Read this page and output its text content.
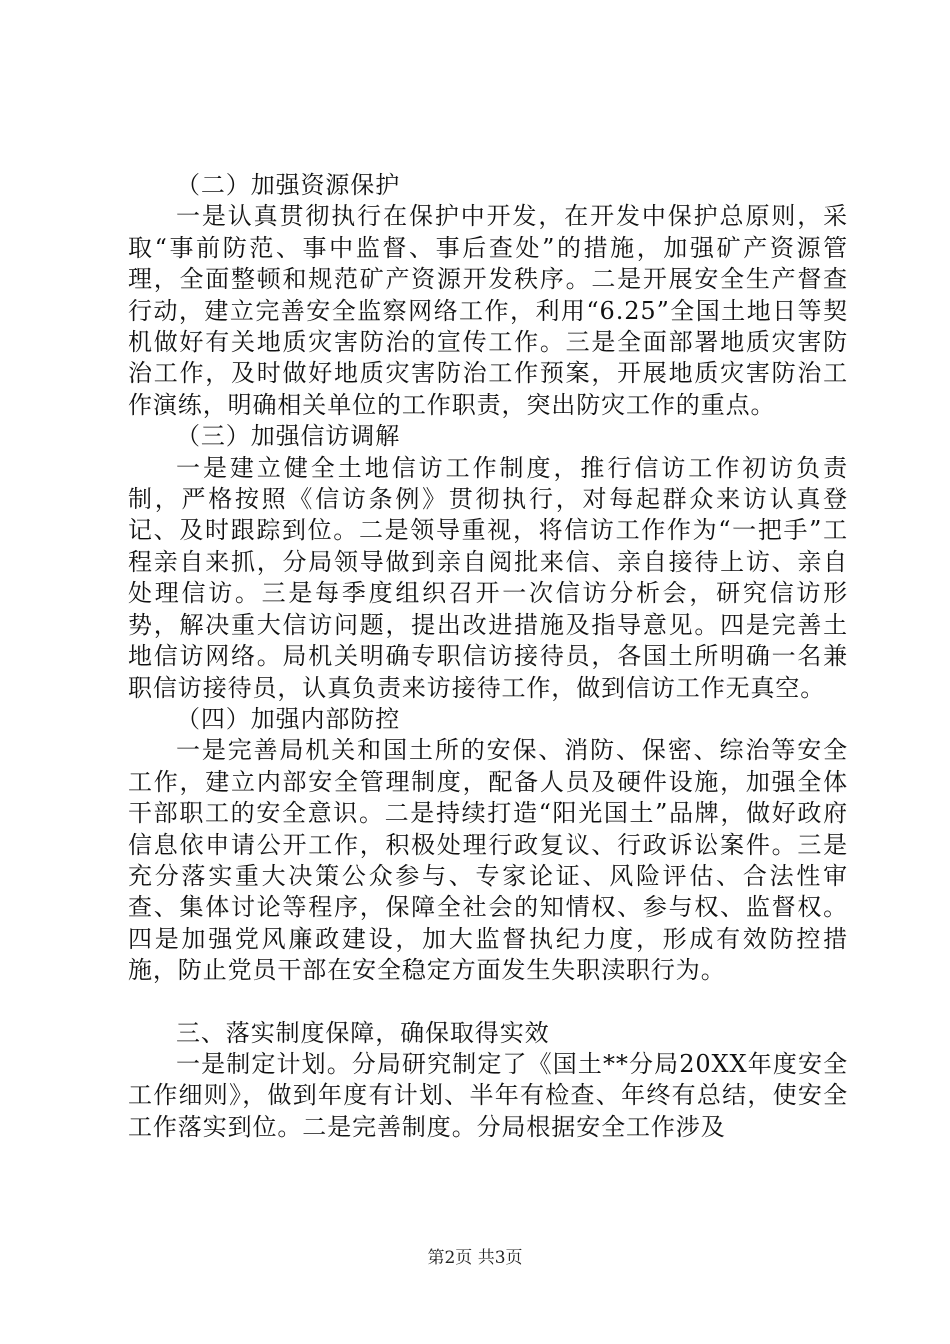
（二）加强资源保护

一是认真贯彻执行在保护中开发，在开发中保护总原则，采取“事前防范、事中监督、事后查处”的措施，加强矿产资源管理，全面整顿和规范矿产资源开发秩序。二是开展安全生产督查行动，建立完善安全监察网络工作，利用“6.25”全国土地日等契机做好有关地质灾害防治的宣传工作。三是全面部署地质灾害防治工作，及时做好地质灾害防治工作预案，开展地质灾害防治工作演练，明确相关单位的工作职责，突出防灾工作的重点。

（三）加强信访调解

一是建立健全土地信访工作制度，推行信访工作初访负责制，严格按照《信访条例》贯彻执行，对每起群众来访认真登记、及时跟踪到位。二是领导重视，将信访工作作为“一把手”工程亲自来抓，分局领导做到亲自阅批来信、亲自接待上访、亲自处理信访。三是每季度组织召开一次信访分析会，研究信访形势，解决重大信访问题，提出改进措施及指导意见。四是完善土地信访网络。局机关明确专职信访接待员，各国土所明确一名兼职信访接待员，认真负责来访接待工作，做到信访工作无真空。

（四）加强内部防控

一是完善局机关和国土所的安保、消防、保密、综治等安全工作，建立内部安全管理制度，配备人员及硬件设施，加强全体干部职工的安全意识。二是持续打造“阳光国土”品牌，做好政府信息依申请公开工作，积极处理行政复议、行政诉讼案件。三是充分落实重大决策公众参与、专家论证、风险评估、合法性审查、集体讨论等程序，保障全社会的知情权、参与权、监督权。四是加强党风廉政建设，加大监督执纪力度，形成有效防控措施，防止党员干部在安全稳定方面发生失职渎职行为。

三、落实制度保障，确保取得实效

一是制定计划。分局研究制定了《国土**分局20XX年度安全工作细则》，做到年度有计划、半年有检查、年终有总结，使安全工作落实到位。二是完善制度。分局根据安全工作涉及

第2页 共3页
